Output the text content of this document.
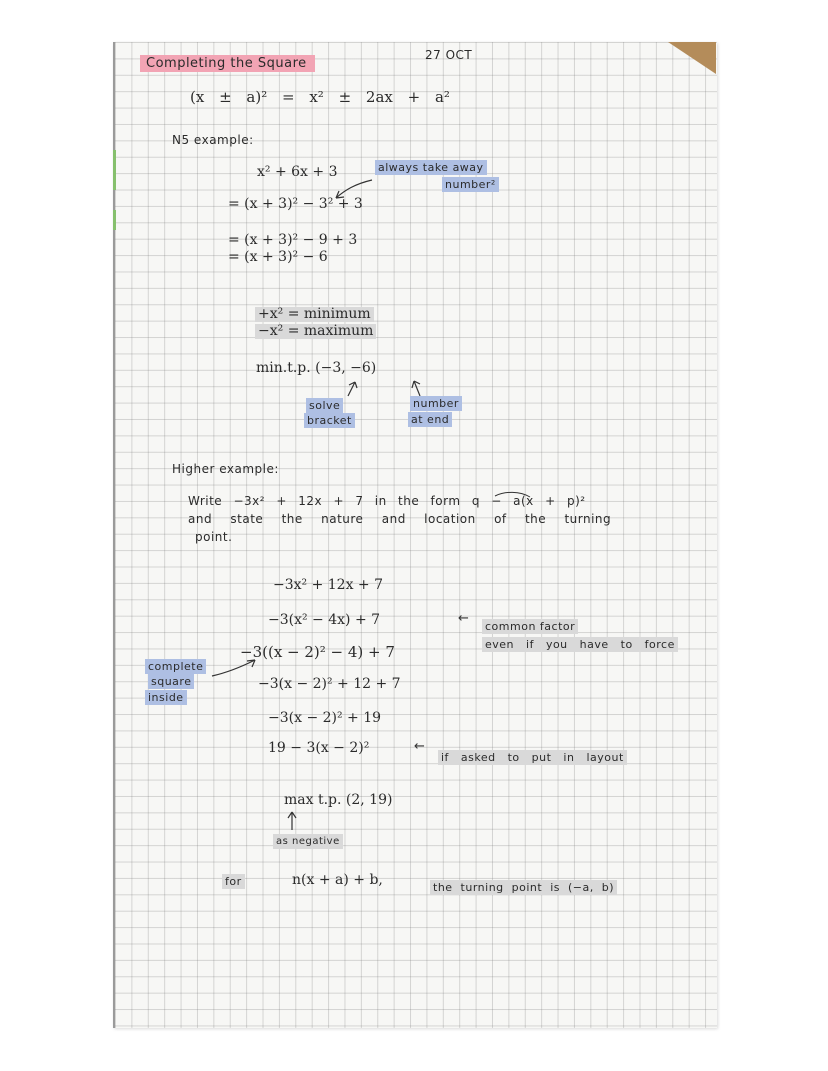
Completing the Square
27 OCT
(x ± a)² = x² ± 2ax + a²
N5 example:
x² + 6x + 3	always take away
number²
= (x + 3)² − 3² + 3
= (x + 3)² − 9 + 3
= (x + 3)² − 6
+x² = minimum
−x² = maximum
min.t.p. (−3, −6)
solve
bracket
number
at end
Higher example:
Write −3x² + 12x + 7 in the form q − a(x + p)²
and state the nature and location of the turning
point.
−3x² + 12x + 7
−3(x² − 4x) + 7	←
common factor
even if you have to force
−3((x − 2)² − 4) + 7
complete
square
inside
−3(x − 2)² + 12 + 7
−3(x − 2)² + 19
19 − 3(x − 2)²	←
if asked to put in layout
max t.p. (2, 19)
as negative
for	n(x + a) + b,	the turning point is (−a, b)
